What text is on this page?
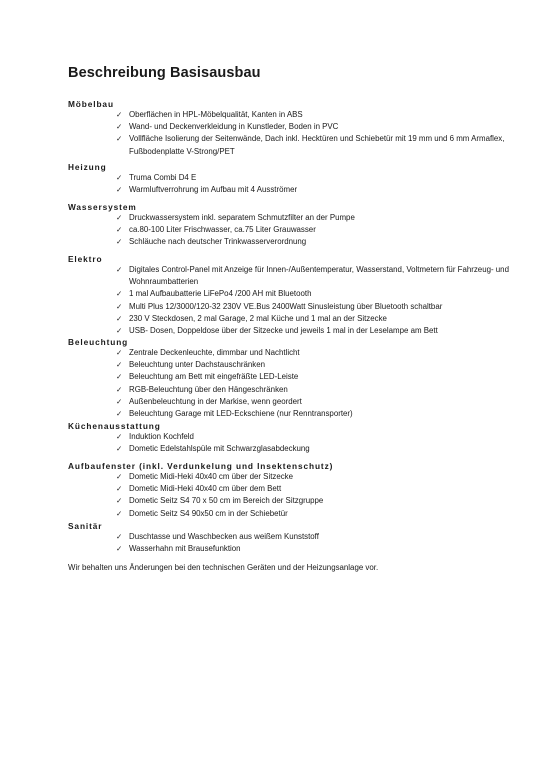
Beschreibung Basisausbau
Möbelbau
✓ Oberflächen in HPL-Möbelqualität, Kanten in ABS
✓ Wand- und Deckenverkleidung in Kunstleder, Boden in PVC
✓ Vollfläche Isolierung der Seitenwände, Dach inkl. Hecktüren und Schiebetür mit 19 mm und 6 mm Armaflex, Fußbodenplatte V-Strong/PET
Heizung
✓ Truma Combi D4 E
✓ Warmluftverrohrung im Aufbau mit 4 Ausströmer
Wassersystem
✓ Druckwassersystem inkl. separatem Schmutzfilter an der Pumpe
✓ ca.80-100 Liter Frischwasser, ca.75 Liter Grauwasser
✓ Schläuche nach deutscher Trinkwasserverordnung
Elektro
✓ Digitales Control-Panel mit Anzeige für Innen-/Außentemperatur, Wasserstand, Voltmetern für Fahrzeug- und Wohnraumbatterien
✓ 1 mal Aufbaubatterie LiFePo4 /200 AH mit Bluetooth
✓ Multi Plus 12/3000/120-32 230V VE.Bus 2400Watt Sinusleistung über Bluetooth schaltbar
✓ 230 V Steckdosen, 2 mal Garage, 2 mal Küche und 1 mal an der Sitzecke
✓ USB- Dosen, Doppeldose über der Sitzecke und jeweils 1 mal in der Leselampe am Bett
Beleuchtung
✓ Zentrale Deckenleuchte, dimmbar und Nachtlicht
✓ Beleuchtung unter Dachstauschränken
✓ Beleuchtung am Bett mit eingefräßte LED-Leiste
✓ RGB-Beleuchtung über den Hängeschränken
✓ Außenbeleuchtung in der Markise, wenn geordert
✓ Beleuchtung Garage mit LED-Eckschiene (nur Renntransporter)
Küchenausstattung
✓ Induktion Kochfeld
✓ Dometic Edelstahlspüle mit Schwarzglasabdeckung
Aufbaufenster (inkl. Verdunkelung und Insektenschutz)
✓ Dometic Midi-Heki 40x40 cm über der Sitzecke
✓ Dometic Midi-Heki 40x40 cm über dem Bett
✓ Dometic Seitz S4 70 x 50 cm im Bereich der Sitzgruppe
✓ Dometic Seitz S4 90x50 cm in der Schiebetür
Sanitär
✓ Duschtasse und Waschbecken aus weißem Kunststoff
✓ Wasserhahn mit Brausefunktion
Wir behalten uns Änderungen bei den technischen Geräten und der Heizungsanlage vor.
